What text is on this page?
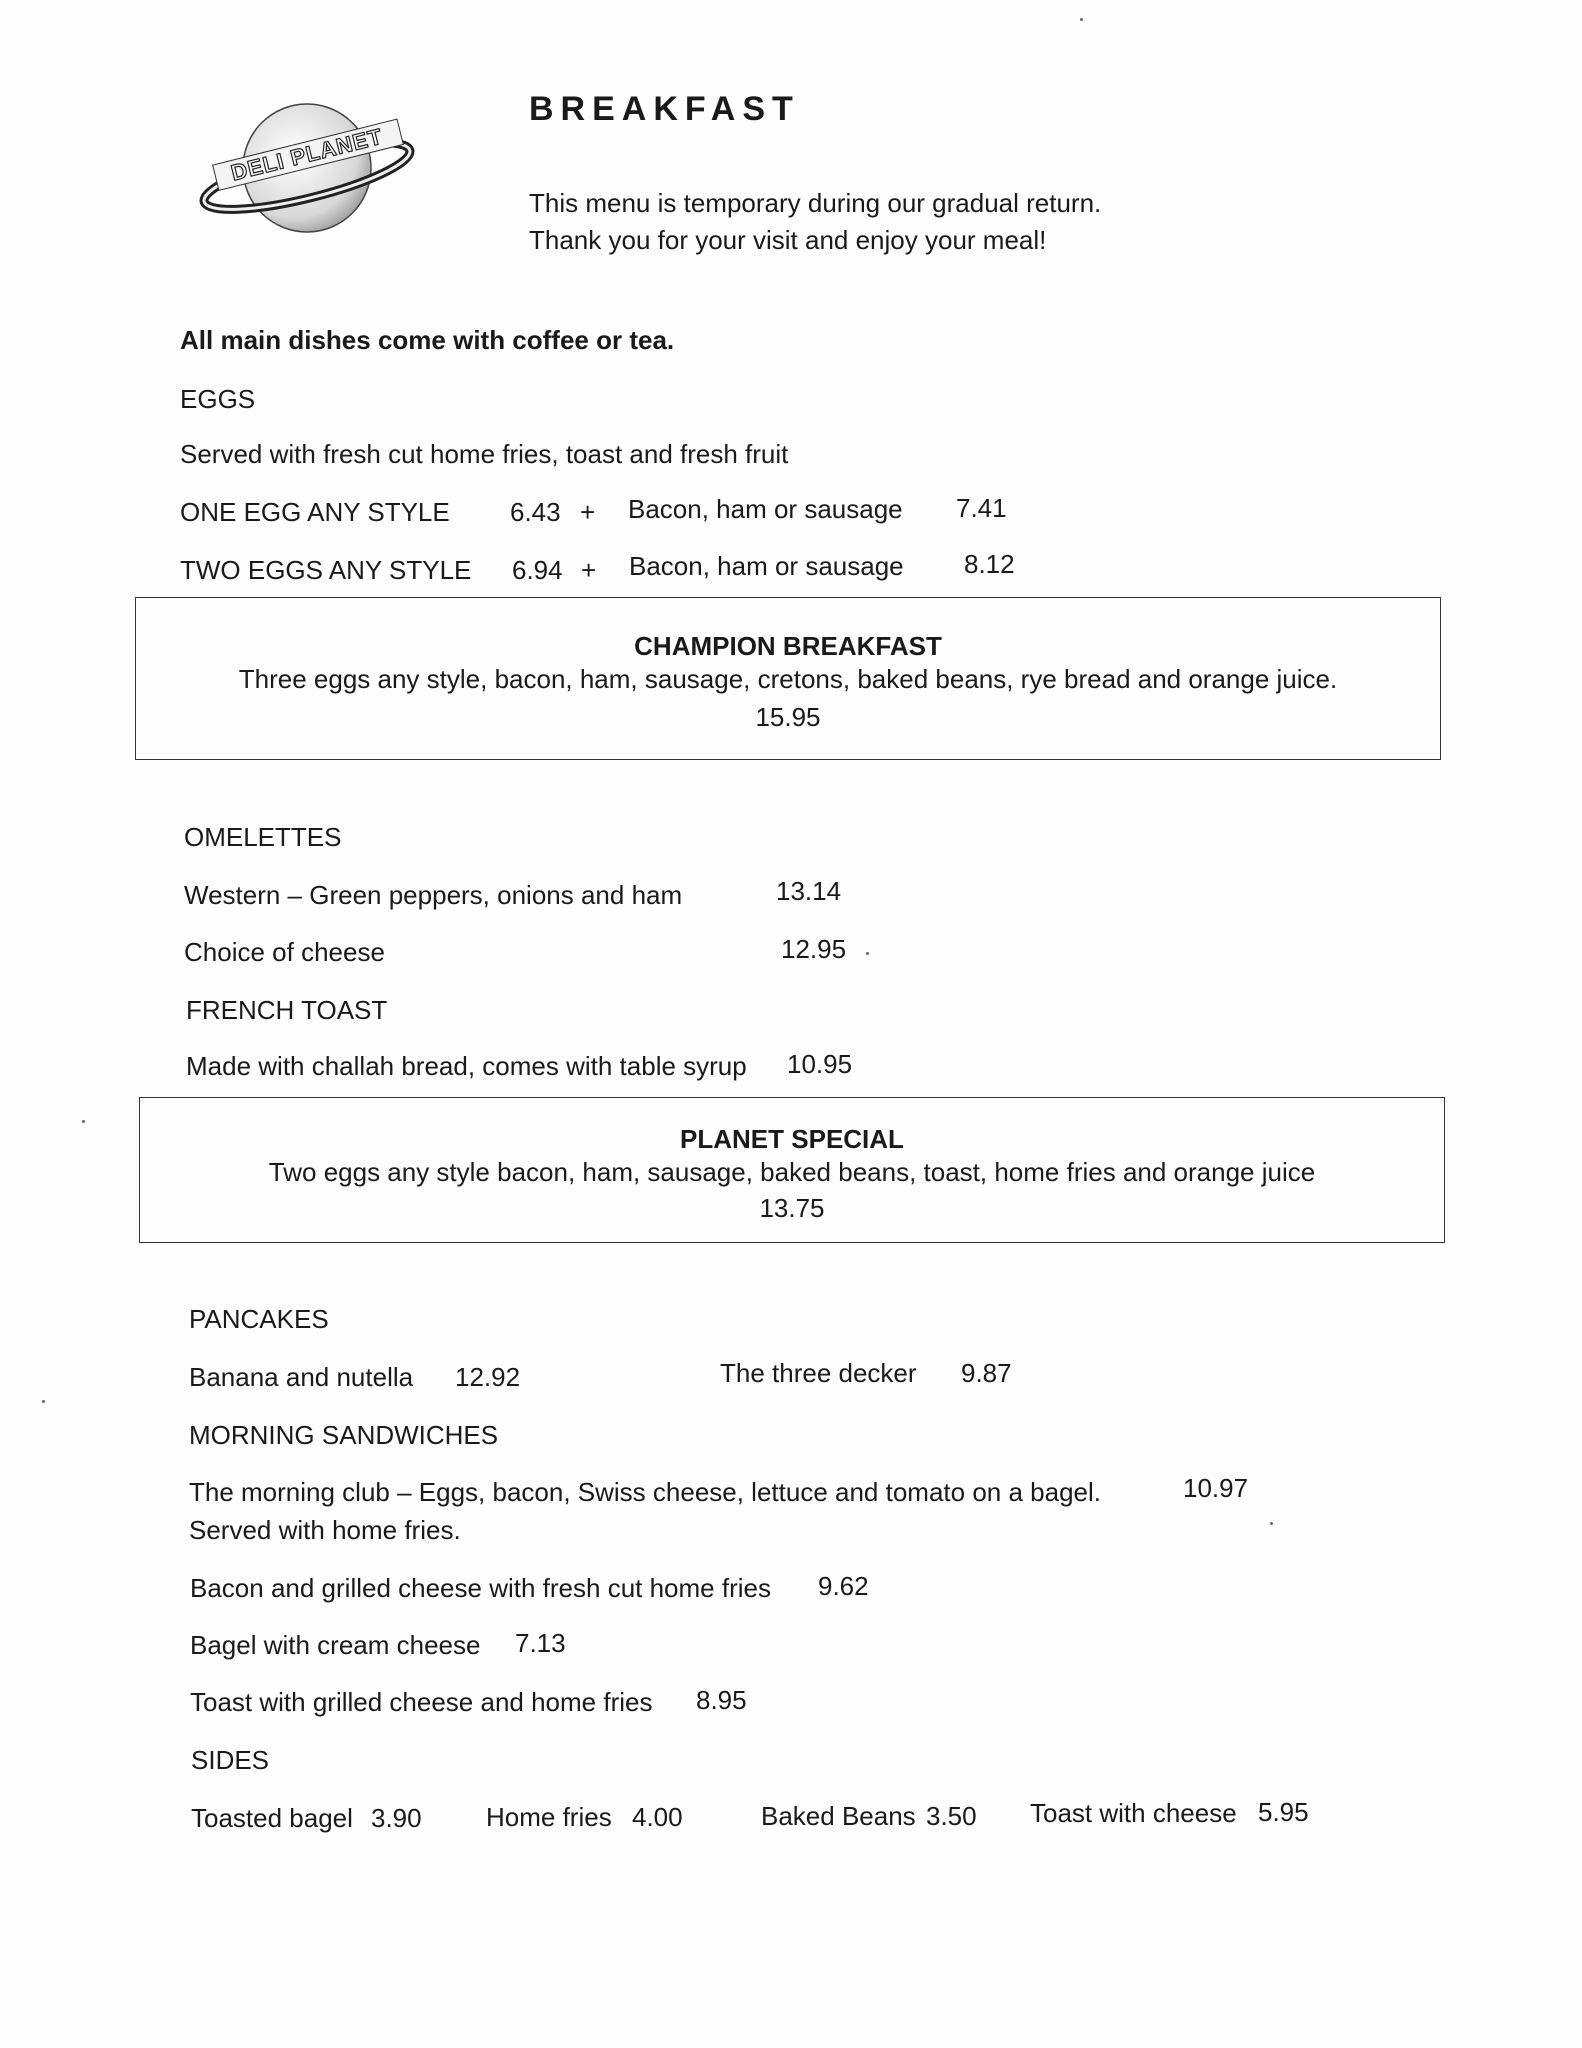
DELI PLANET
BREAKFAST
This menu is temporary during our gradual return.
Thank you for your visit and enjoy your meal!
All main dishes come with coffee or tea.
EGGS
Served with fresh cut home fries, toast and fresh fruit
ONE EGG ANY STYLE 6.43 + Bacon, ham or sausage 7.41
TWO EGGS ANY STYLE 6.94 + Bacon, ham or sausage 8.12
CHAMPION BREAKFAST
Three eggs any style, bacon, ham, sausage, cretons, baked beans, rye bread and orange juice.
15.95
OMELETTES
Western – Green peppers, onions and ham	13.14
Choice of cheese	12.95
FRENCH TOAST
Made with challah bread, comes with table syrup 10.95
PLANET SPECIAL
Two eggs any style bacon, ham, sausage, baked beans, toast, home fries and orange juice
13.75
PANCAKES
Banana and nutella 12.92	The three decker 9.87
MORNING SANDWICHES
The morning club – Eggs, bacon, Swiss cheese, lettuce and tomato on a bagel.
Served with home fries.
10.97
Bacon and grilled cheese with fresh cut home fries 9.62
Bagel with cream cheese 7.13
Toast with grilled cheese and home fries 8.95
SIDES
Toasted bagel 3.90 Home fries 4.00	Baked Beans 3.50 Toast with cheese 5.95
